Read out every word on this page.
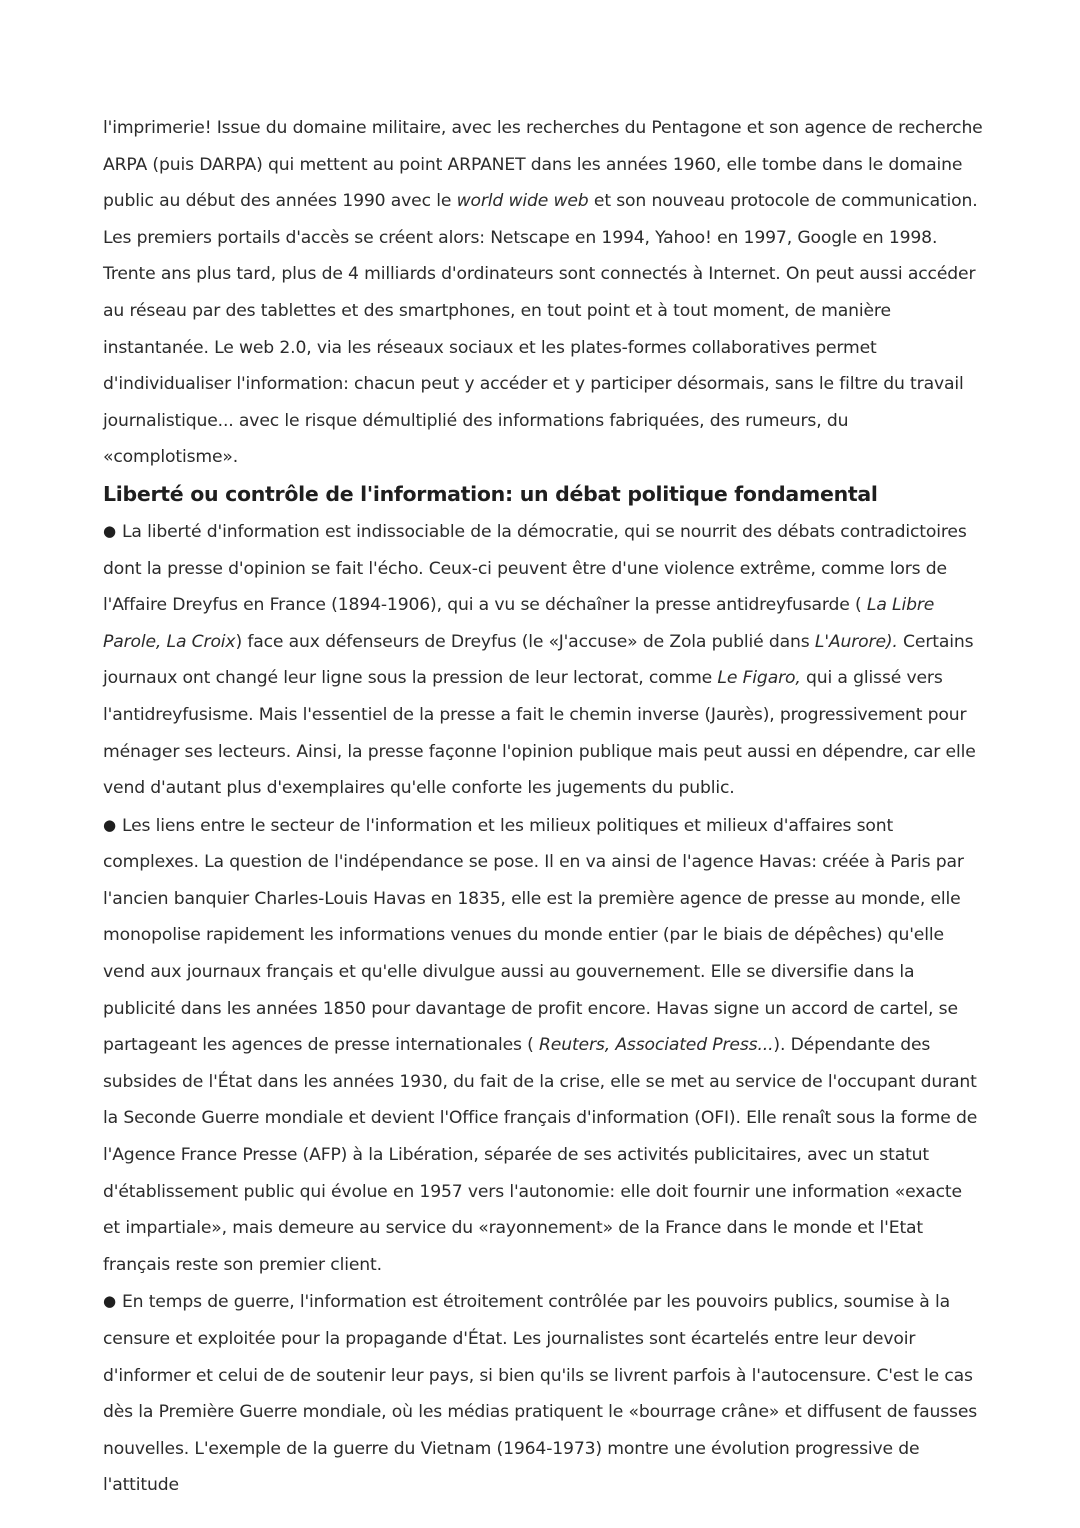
l'imprimerie! Issue du domaine militaire, avec les recherches du Pentagone et son agence de recherche ARPA (puis DARPA) qui mettent au point ARPANET dans les années 1960, elle tombe dans le domaine public au début des années 1990 avec le world wide web et son nouveau protocole de communication. Les premiers portails d'accès se créent alors: Netscape en 1994, Yahoo! en 1997, Google en 1998. Trente ans plus tard, plus de 4 milliards d'ordinateurs sont connectés à Internet. On peut aussi accéder au réseau par des tablettes et des smartphones, en tout point et à tout moment, de manière instantanée. Le web 2.0, via les réseaux sociaux et les plates-formes collaboratives permet d'individualiser l'information: chacun peut y accéder et y participer désormais, sans le filtre du travail journalistique... avec le risque démultiplié des informations fabriquées, des rumeurs, du «complotisme».

Liberté ou contrôle de l'information: un débat politique fondamental

● La liberté d'information est indissociable de la démocratie, qui se nourrit des débats contradictoires dont la presse d'opinion se fait l'écho. Ceux-ci peuvent être d'une violence extrême, comme lors de l'Affaire Dreyfus en France (1894-1906), qui a vu se déchaîner la presse antidreyfusarde ( La Libre Parole, La Croix) face aux défenseurs de Dreyfus (le «J'accuse» de Zola publié dans L'Aurore). Certains journaux ont changé leur ligne sous la pression de leur lectorat, comme Le Figaro, qui a glissé vers l'antidreyfusisme. Mais l'essentiel de la presse a fait le chemin inverse (Jaurès), progressivement pour ménager ses lecteurs. Ainsi, la presse façonne l'opinion publique mais peut aussi en dépendre, car elle vend d'autant plus d'exemplaires qu'elle conforte les jugements du public.

● Les liens entre le secteur de l'information et les milieux politiques et milieux d'affaires sont complexes. La question de l'indépendance se pose. Il en va ainsi de l'agence Havas: créée à Paris par l'ancien banquier Charles-Louis Havas en 1835, elle est la première agence de presse au monde, elle monopolise rapidement les informations venues du monde entier (par le biais de dépêches) qu'elle vend aux journaux français et qu'elle divulgue aussi au gouvernement. Elle se diversifie dans la publicité dans les années 1850 pour davantage de profit encore. Havas signe un accord de cartel, se partageant les agences de presse internationales ( Reuters, Associated Press...). Dépendante des subsides de l'État dans les années 1930, du fait de la crise, elle se met au service de l'occupant durant la Seconde Guerre mondiale et devient l'Office français d'information (OFI). Elle renaît sous la forme de l'Agence France Presse (AFP) à la Libération, séparée de ses activités publicitaires, avec un statut d'établissement public qui évolue en 1957 vers l'autonomie: elle doit fournir une information «exacte et impartiale», mais demeure au service du «rayonnement» de la France dans le monde et l'Etat français reste son premier client.

● En temps de guerre, l'information est étroitement contrôlée par les pouvoirs publics, soumise à la censure et exploitée pour la propagande d'État. Les journalistes sont écartelés entre leur devoir d'informer et celui de de soutenir leur pays, si bien qu'ils se livrent parfois à l'autocensure. C'est le cas dès la Première Guerre mondiale, où les médias pratiquent le «bourrage crâne» et diffusent de fausses nouvelles. L'exemple de la guerre du Vietnam (1964-1973) montre une évolution progressive de l'attitude
